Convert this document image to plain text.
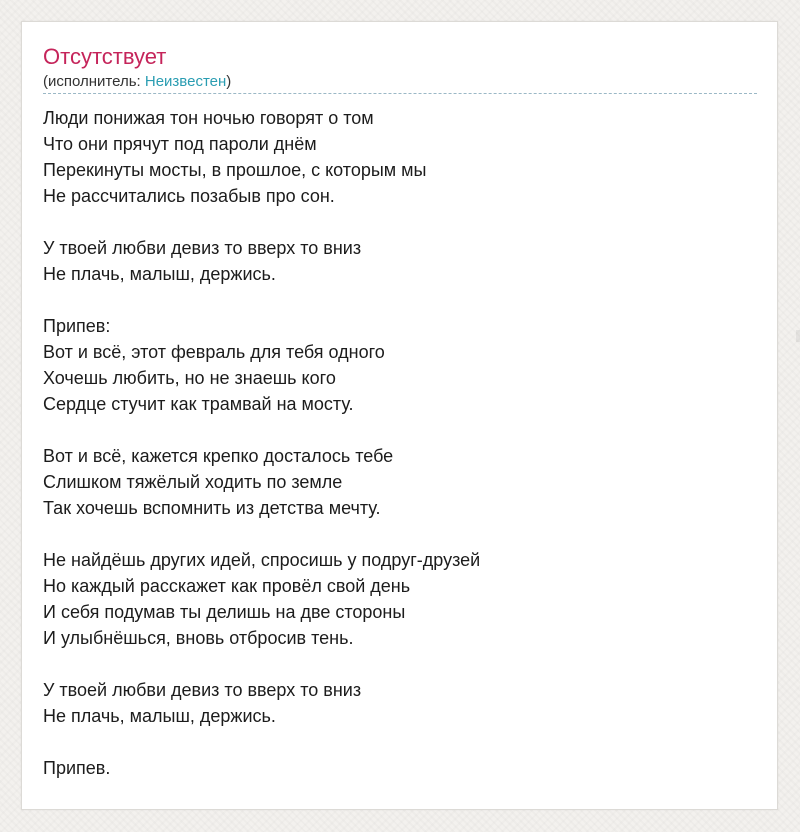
Отсутствует
(исполнитель: Неизвестен)
Люди понижая тон ночью говорят о том
Что они прячут под пароли днём
Перекинуты мосты, в прошлое, с которым мы
Не рассчитались позабыв про сон.
У твоей любви девиз то вверх то вниз
Не плачь, малыш, держись.
Припев:
Вот и всё, этот февраль для тебя одного
Хочешь любить, но не знаешь кого
Сердце стучит как трамвай на мосту.
Вот и всё, кажется крепко досталось тебе
Слишком тяжёлый ходить по земле
Так хочешь вспомнить из детства мечту.
Не найдёшь других идей, спросишь у подруг-друзей
Но каждый расскажет как провёл свой день
И себя подумав ты делишь на две стороны
И улыбнёшься, вновь отбросив тень.
У твоей любви девиз то вверх то вниз
Не плачь, малыш, держись.
Припев.
